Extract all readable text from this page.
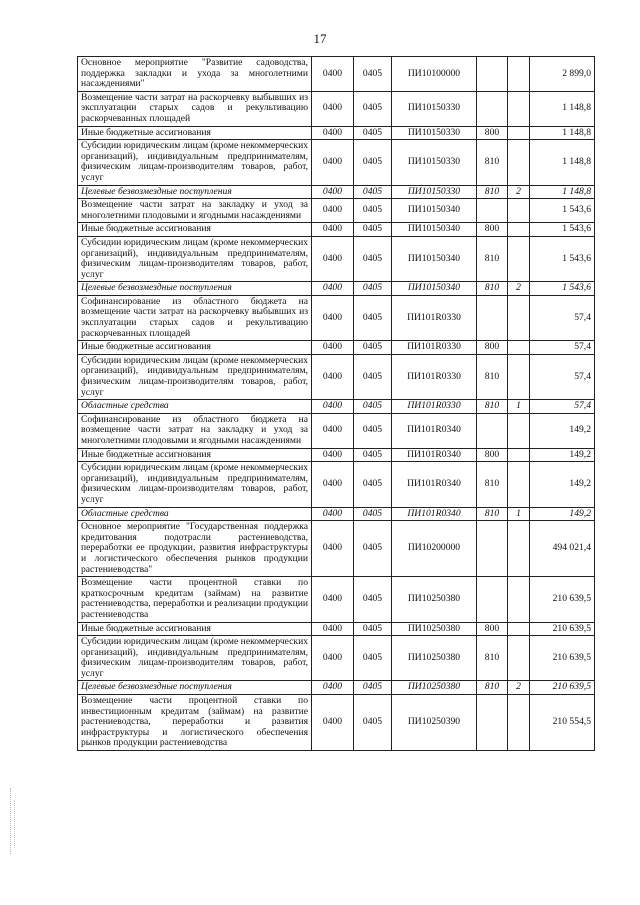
17
Основное мероприятие "Развитие садоводства, поддержка закладки и ухода за многолетними насаждениями"	0400	0405	ПИ10100000			2 899,0
Возмещение части затрат на раскорчевку выбывших из эксплуатации старых садов и рекультивацию раскорчеванных площадей	0400	0405	ПИ10150330			1 148,8
Иные бюджетные ассигнования	0400	0405	ПИ10150330	800		1 148,8
Субсидии юридическим лицам (кроме некоммерческих организаций), индивидуальным предпринимателям, физическим лицам-производителям товаров, работ, услуг	0400	0405	ПИ10150330	810		1 148,8
Целевые безвозмездные поступления	0400	0405	ПИ10150330	810	2	1 148,8
Возмещение части затрат на закладку и уход за многолетними плодовыми и ягодными насаждениями	0400	0405	ПИ10150340			1 543,6
Иные бюджетные ассигнования	0400	0405	ПИ10150340	800		1 543,6
Субсидии юридическим лицам (кроме некоммерческих организаций), индивидуальным предпринимателям, физическим лицам-производителям товаров, работ, услуг	0400	0405	ПИ10150340	810		1 543,6
Целевые безвозмездные поступления	0400	0405	ПИ10150340	810	2	1 543,6
Софинансирование из областного бюджета на возмещение части затрат на раскорчевку выбывших из эксплуатации старых садов и рекультивацию раскорчеванных площадей	0400	0405	ПИ101R0330			57,4
Иные бюджетные ассигнования	0400	0405	ПИ101R0330	800		57,4
Субсидии юридическим лицам (кроме некоммерческих организаций), индивидуальным предпринимателям, физическим лицам-производителям товаров, работ, услуг	0400	0405	ПИ101R0330	810		57,4
Областные средства	0400	0405	ПИ101R0330	810	1	57,4
Софинансирование из областного бюджета на возмещение части затрат на закладку и уход за многолетними плодовыми и ягодными насаждениями	0400	0405	ПИ101R0340			149,2
Иные бюджетные ассигнования	0400	0405	ПИ101R0340	800		149,2
Субсидии юридическим лицам (кроме некоммерческих организаций), индивидуальным предпринимателям, физическим лицам-производителям товаров, работ, услуг	0400	0405	ПИ101R0340	810		149,2
Областные средства	0400	0405	ПИ101R0340	810	1	149,2
Основное мероприятие "Государственная поддержка кредитования подотрасли растениеводства, переработки ее продукции, развития инфраструктуры и логистического обеспечения рынков продукции растениеводства"	0400	0405	ПИ10200000			494 021,4
Возмещение части процентной ставки по краткосрочным кредитам (займам) на развитие растениеводства, переработки и реализации продукции растениеводства	0400	0405	ПИ10250380			210 639,5
Иные бюджетные ассигнования	0400	0405	ПИ10250380	800		210 639,5
Субсидии юридическим лицам (кроме некоммерческих организаций), индивидуальным предпринимателям, физическим лицам-производителям товаров, работ, услуг	0400	0405	ПИ10250380	810		210 639,5
Целевые безвозмездные поступления	0400	0405	ПИ10250380	810	2	210 639,5
Возмещение части процентной ставки по инвестиционным кредитам (займам) на развитие растениеводства, переработки и развития инфраструктуры и логистического обеспечения рынков продукции растениеводства	0400	0405	ПИ10250390			210 554,5
